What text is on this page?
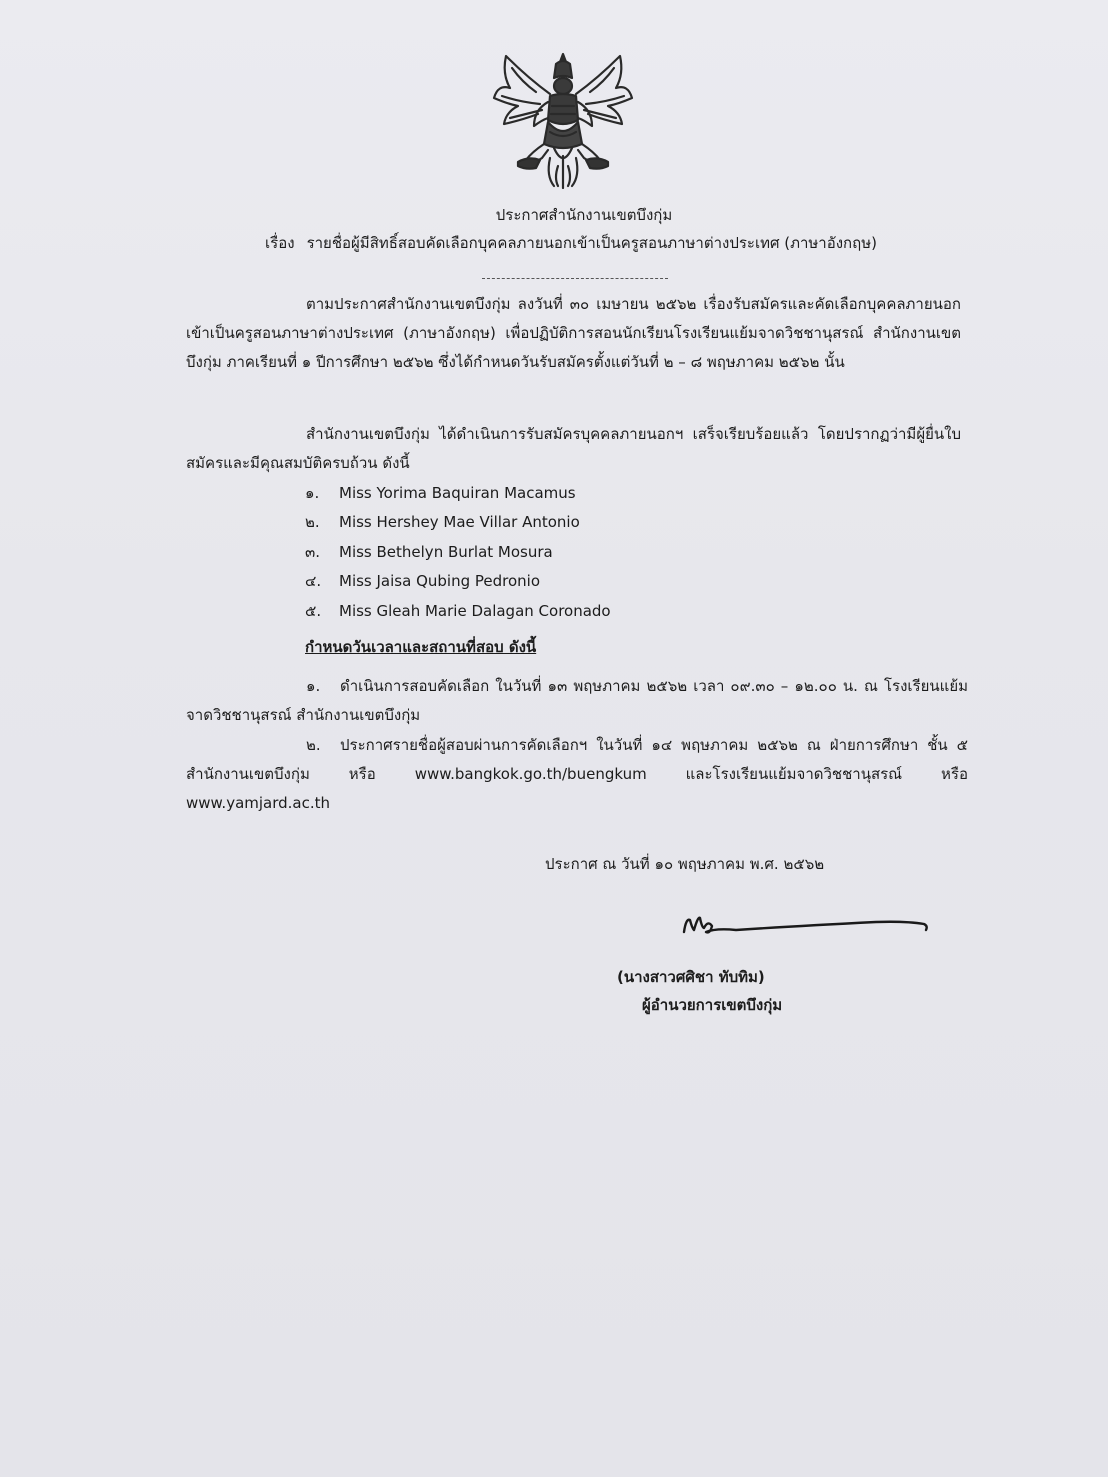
ประกาศสำนักงานเขตบึงกุ่ม
เรื่อง รายชื่อผู้มีสิทธิ์สอบคัดเลือกบุคคลภายนอกเข้าเป็นครูสอนภาษาต่างประเทศ (ภาษาอังกฤษ)
ตามประกาศสำนักงานเขตบึงกุ่ม ลงวันที่ ๓๐ เมษายน ๒๕๖๒ เรื่องรับสมัครและคัดเลือกบุคคลภายนอกเข้าเป็นครูสอนภาษาต่างประเทศ (ภาษาอังกฤษ) เพื่อปฏิบัติการสอนนักเรียนโรงเรียนแย้มจาดวิชชานุสรณ์ สำนักงานเขตบึงกุ่ม ภาคเรียนที่ ๑ ปีการศึกษา ๒๕๖๒ ซึ่งได้กำหนดวันรับสมัครตั้งแต่วันที่ ๒ – ๘ พฤษภาคม ๒๕๖๒ นั้น
สำนักงานเขตบึงกุ่ม ได้ดำเนินการรับสมัครบุคคลภายนอกฯ เสร็จเรียบร้อยแล้ว โดยปรากฏว่ามีผู้ยื่นใบสมัครและมีคุณสมบัติครบถ้วน ดังนี้
๑. Miss Yorima Baquiran Macamus
๒. Miss Hershey Mae Villar Antonio
๓. Miss Bethelyn Burlat Mosura
๔. Miss Jaisa Qubing Pedronio
๕. Miss Gleah Marie Dalagan Coronado
กำหนดวันเวลาและสถานที่สอบ ดังนี้
๑. ดำเนินการสอบคัดเลือก ในวันที่ ๑๓ พฤษภาคม ๒๕๖๒ เวลา ๐๙.๓๐ – ๑๒.๐๐ น. ณ โรงเรียนแย้มจาดวิชชานุสรณ์ สำนักงานเขตบึงกุ่ม
๒. ประกาศรายชื่อผู้สอบผ่านการคัดเลือกฯ ในวันที่ ๑๔ พฤษภาคม ๒๕๖๒ ณ ฝ่ายการศึกษา ชั้น ๕ สำนักงานเขตบึงกุ่ม หรือ www.bangkok.go.th/buengkum และโรงเรียนแย้มจาดวิชชานุสรณ์ หรือ www.yamjard.ac.th
ประกาศ ณ วันที่ ๑๐ พฤษภาคม พ.ศ. ๒๕๖๒
(นางสาวศศิชา ทับทิม)
ผู้อำนวยการเขตบึงกุ่ม
